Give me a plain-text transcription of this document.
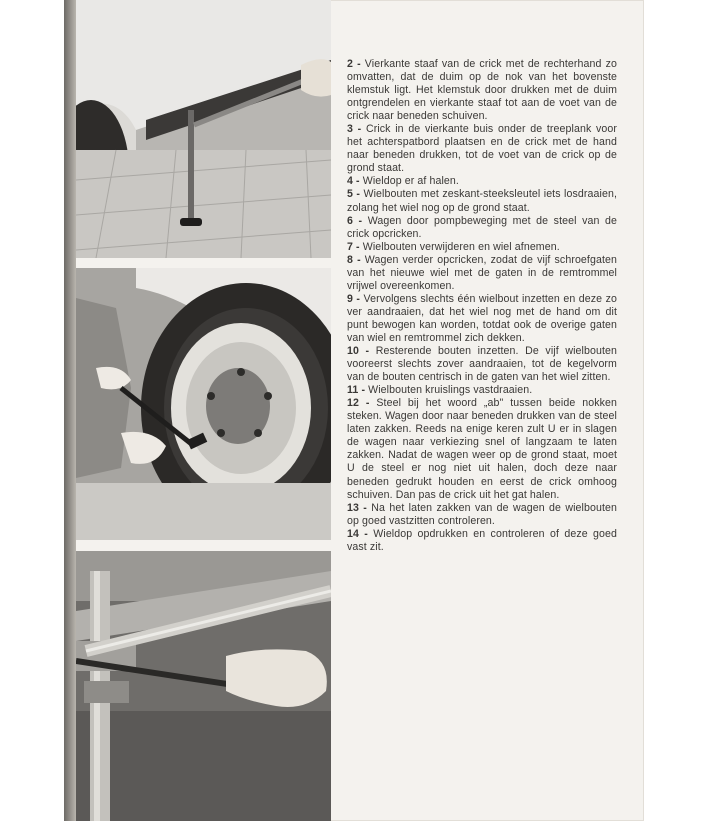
2 - Vierkante staaf van de crick met de rechterhand zo omvatten, dat de duim op de nok van het bovenste klemstuk ligt. Het klemstuk door drukken met de duim ontgrendelen en vierkante staaf tot aan de voet van de crick naar beneden schuiven.
3 - Crick in de vierkante buis onder de treeplank voor het achterspatbord plaatsen en de crick met de hand naar beneden drukken, tot de voet van de crick op de grond staat.
4 - Wieldop er af halen.
5 - Wielbouten met zeskant-steeksleutel iets losdraaien, zolang het wiel nog op de grond staat.
6 - Wagen door pompbeweging met de steel van de crick opcricken.
7 - Wielbouten verwijderen en wiel afnemen.
8 - Wagen verder opcricken, zodat de vijf schroefgaten van het nieuwe wiel met de gaten in de remtrommel vrijwel overeenkomen.
9 - Vervolgens slechts één wielbout inzetten en deze zo ver aandraaien, dat het wiel nog met de hand om dit punt bewogen kan worden, totdat ook de overige gaten van wiel en remtrommel zich dekken.
10 - Resterende bouten inzetten. De vijf wielbouten vooreerst slechts zover aandraaien, tot de kegelvorm van de bouten centrisch in de gaten van het wiel zitten.
11 - Wielbouten kruislings vastdraaien.
12 - Steel bij het woord „ab" tussen beide nokken steken. Wagen door naar beneden drukken van de steel laten zakken. Reeds na enige keren zult U er in slagen de wagen naar verkiezing snel of langzaam te laten zakken. Nadat de wagen weer op de grond staat, moet U de steel er nog niet uit halen, doch deze naar beneden gedrukt houden en eerst de crick omhoog schuiven. Dan pas de crick uit het gat halen.
13 - Na het laten zakken van de wagen de wielbouten op goed vastzitten controleren.
14 - Wieldop opdrukken en controleren of deze goed vast zit.
